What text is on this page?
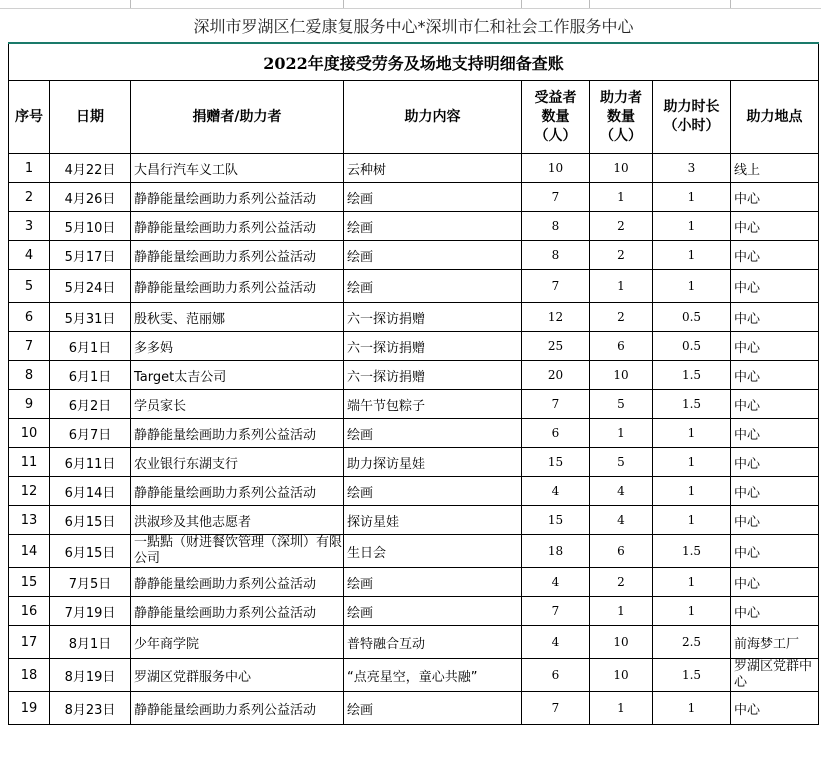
深圳市罗湖区仁爱康复服务中心*深圳市仁和社会工作服务中心							
2022年度接受劳务及场地支持明细备查账							
序号	日期	捐赠者/助力者	助力内容	受益者数量（人）	助力者数量（人）	助力时长（小时）	助力地点
1	4月22日	大昌行汽车义工队	云种树	10	10	3	线上
2	4月26日	静静能量绘画助力系列公益活动	绘画	7	1	1	中心
3	5月10日	静静能量绘画助力系列公益活动	绘画	8	2	1	中心
4	5月17日	静静能量绘画助力系列公益活动	绘画	8	2	1	中心
5	5月24日	静静能量绘画助力系列公益活动	绘画	7	1	1	中心
6	5月31日	殷秋雯、范丽娜	六一探访捐赠	12	2	0.5	中心
7	6月1日	多多妈	六一探访捐赠	25	6	0.5	中心
8	6月1日	Target太吉公司	六一探访捐赠	20	10	1.5	中心
9	6月2日	学员家长	端午节包粽子	7	5	1.5	中心
10	6月7日	静静能量绘画助力系列公益活动	绘画	6	1	1	中心
11	6月11日	农业银行东湖支行	助力探访星娃	15	5	1	中心
12	6月14日	静静能量绘画助力系列公益活动	绘画	4	4	1	中心
13	6月15日	洪淑珍及其他志愿者	探访星娃	15	4	1	中心
14	6月15日	一點點（财进餐饮管理（深圳）有限公司	生日会	18	6	1.5	中心
15	7月5日	静静能量绘画助力系列公益活动	绘画	4	2	1	中心
16	7月19日	静静能量绘画助力系列公益活动	绘画	7	1	1	中心
17	8月1日	少年商学院	普特融合互动	4	10	2.5	前海梦工厂
18	8月19日	罗湖区党群服务中心	“点亮星空，童心共融”	6	10	1.5	罗湖区党群中心
19	8月23日	静静能量绘画助力系列公益活动	绘画	7	1	1	中心
